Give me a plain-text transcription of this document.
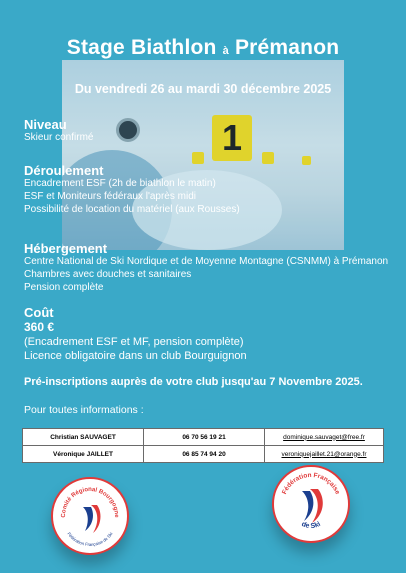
1
Stage Biathlon à Prémanon
Du vendredi 26 au mardi 30 décembre 2025
Niveau
Skieur confirmé
Déroulement
Encadrement ESF (2h de biathlon le matin)
ESF et Moniteurs fédéraux l'après midi
Possibilité de location du matériel (aux Rousses)
Hébergement
Centre National de Ski Nordique et de Moyenne Montagne (CSNMM) à Prémanon
Chambres avec douches et sanitaires
Pension complète
Coût
360 €
(Encadrement ESF et MF, pension complète)
Licence obligatoire dans un club Bourguignon
Pré-inscriptions auprès de votre club jusqu'au 7 Novembre 2025.
Pour toutes informations :
Christian SAUVAGET	06 70 56 19 21	dominique.sauvaget@free.fr
Véronique JAILLET	06 85 74 94 20	veroniquejaillet.21@orange.fr
Comité Régional Bourgogne
Fédération Française de Ski
Fédération Française
de Ski
